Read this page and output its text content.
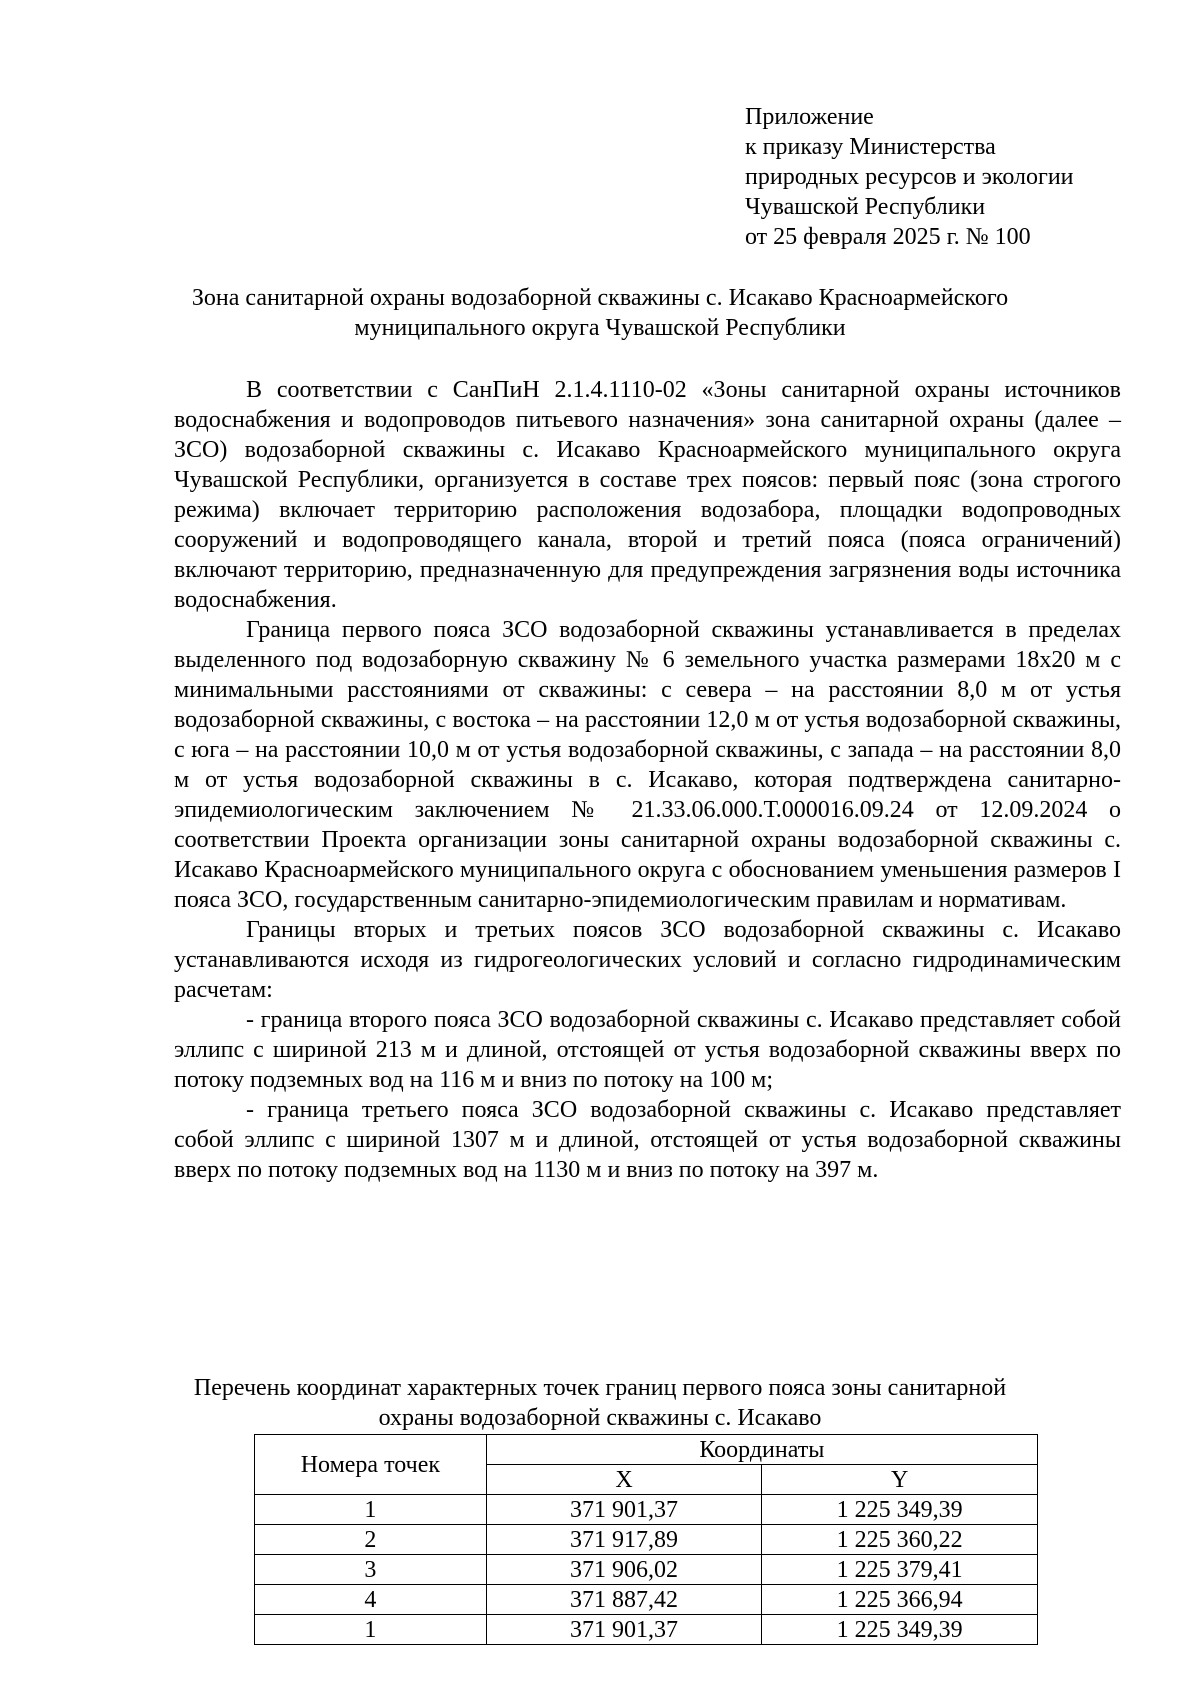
Приложение
к приказу Министерства
природных ресурсов и экологии
Чувашской Республики
от 25 февраля 2025 г. № 100
Зона санитарной охраны водозаборной скважины с. Исакаво Красноармейского
муниципального округа Чувашской Республики

В соответствии с СанПиН 2.1.4.1110-02 «Зоны санитарной охраны источников водоснабжения и водопроводов питьевого назначения» зона санитарной охраны (далее – ЗСО) водозаборной скважины с. Исакаво Красноармейского муниципального округа Чувашской Республики, организуется в составе трех поясов: первый пояс (зона строгого режима) включает территорию расположения водозабора, площадки водопроводных сооружений и водопроводящего канала, второй и третий пояса (пояса ограничений) включают территорию, предназначенную для предупреждения загрязнения воды источника водоснабжения.

Граница первого пояса ЗСО водозаборной скважины устанавливается в пределах выделенного под водозаборную скважину № 6 земельного участка размерами 18х20 м с минимальными расстояниями от скважины: с севера – на расстоянии 8,0 м от устья водозаборной скважины, с востока – на расстоянии 12,0 м от устья водозаборной скважины, с юга – на расстоянии 10,0 м от устья водозаборной скважины, с запада – на расстоянии 8,0 м от устья водозаборной скважины в с. Исакаво, которая подтверждена санитарно-эпидемиологическим заключением № 21.33.06.000.Т.000016.09.24 от 12.09.2024 о соответствии Проекта организации зоны санитарной охраны водозаборной скважины с. Исакаво Красноармейского муниципального округа с обоснованием уменьшения размеров I пояса ЗСО, государственным санитарно-эпидемиологическим правилам и нормативам.

Границы вторых и третьих поясов ЗСО водозаборной скважины с. Исакаво устанавливаются исходя из гидрогеологических условий и согласно гидродинамическим расчетам:

- граница второго пояса ЗСО водозаборной скважины с. Исакаво представляет собой эллипс с шириной 213 м и длиной, отстоящей от устья водозаборной скважины вверх по потоку подземных вод на 116 м и вниз по потоку на 100 м;

- граница третьего пояса ЗСО водозаборной скважины с. Исакаво представляет собой эллипс с шириной 1307 м и длиной, отстоящей от устья водозаборной скважины вверх по потоку подземных вод на 1130 м и вниз по потоку на 397 м.

Перечень координат характерных точек границ первого пояса зоны санитарной
охраны водозаборной скважины с. Исакаво
Номера точек	Координаты	
	X	Y
1	371 901,37	1 225 349,39
2	371 917,89	1 225 360,22
3	371 906,02	1 225 379,41
4	371 887,42	1 225 366,94
1	371 901,37	1 225 349,39
